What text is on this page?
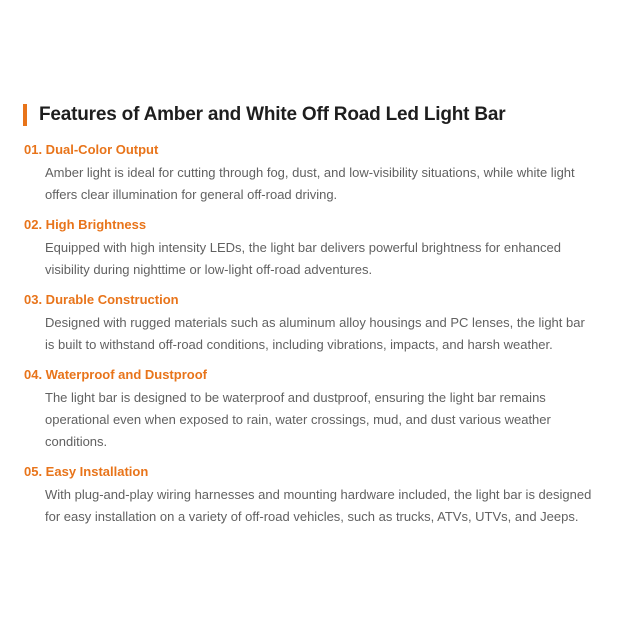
Features of Amber and White Off Road Led Light Bar
01. Dual-Color Output

Amber light is ideal for cutting through fog, dust, and low-visibility situations, while white light offers clear illumination for general off-road driving.

02. High Brightness

Equipped with high intensity LEDs, the light bar delivers powerful brightness for enhanced visibility during nighttime or low-light off-road adventures.

03. Durable Construction

Designed with rugged materials such as aluminum alloy housings and PC lenses, the light bar is built to withstand off-road conditions, including vibrations, impacts, and harsh weather.

04. Waterproof and Dustproof

The light bar is designed to be waterproof and dustproof, ensuring the light bar remains operational even when exposed to rain, water crossings, mud, and dust various weather conditions.

05. Easy Installation

With plug-and-play wiring harnesses and mounting hardware included, the light bar is designed for easy installation on a variety of off-road vehicles, such as trucks, ATVs, UTVs, and Jeeps.
